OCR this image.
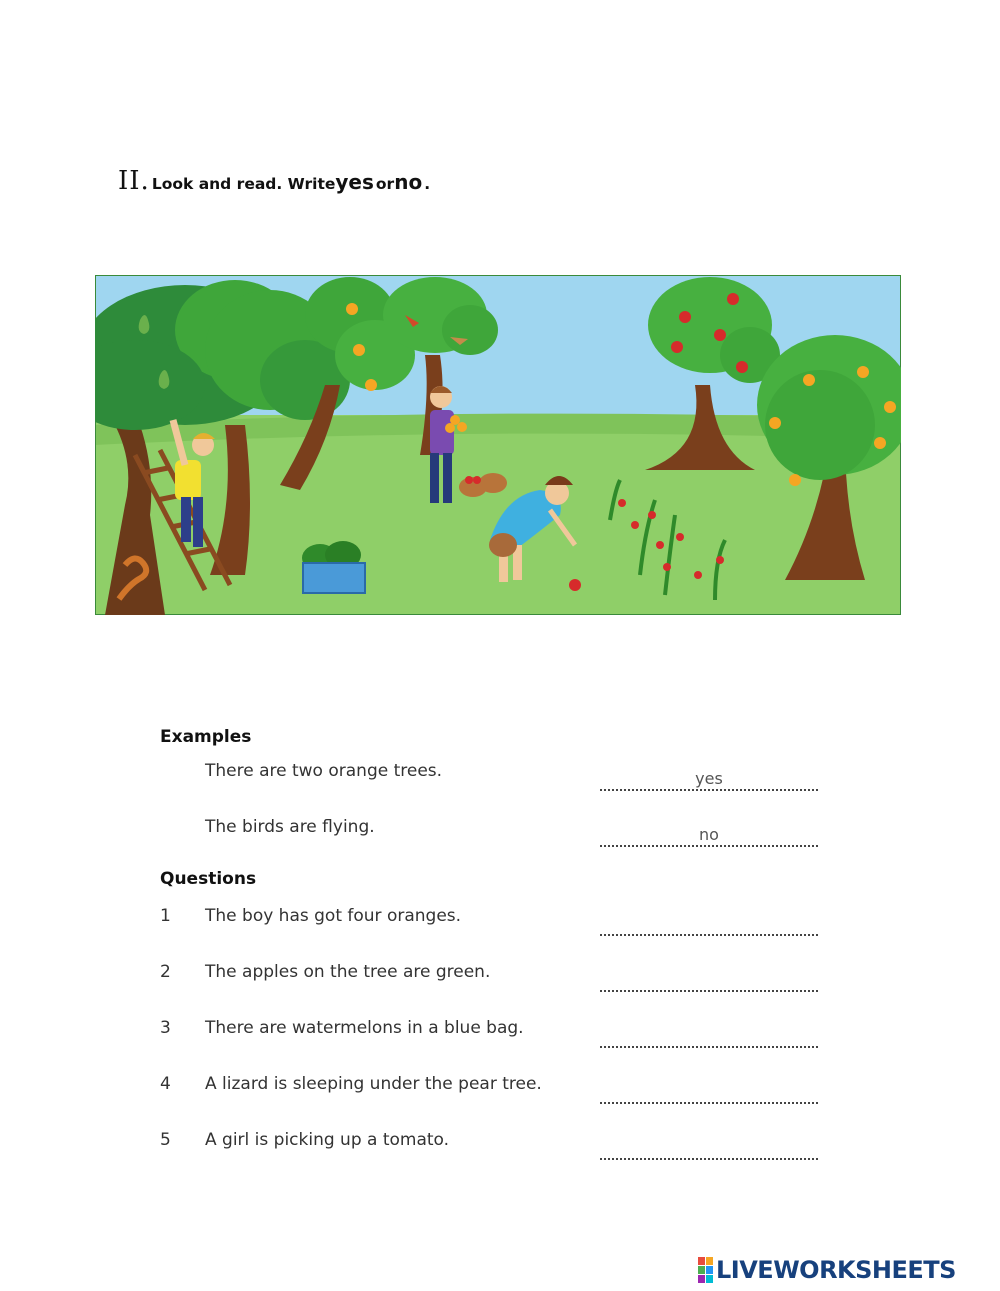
II. Look and read. Write yes or no .
Examples
There are two orange trees.	yes
The birds are flying.	no
Questions
1 The boy has got four oranges.
2 The apples on the tree are green.
3 There are watermelons in a blue bag.
4 A lizard is sleeping under the pear tree.
5 A girl is picking up a tomato.
LIVEWORKSHEETS
